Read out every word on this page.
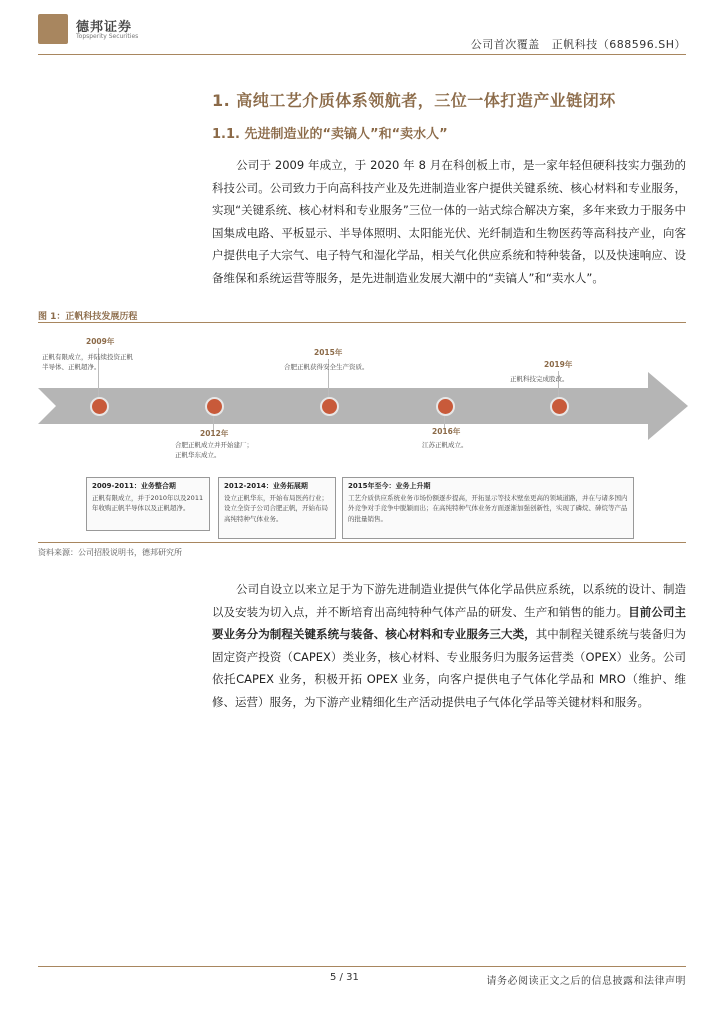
德邦证券
Topsperity Securities
公司首次覆盖   正帆科技（688596.SH）
1. 高纯工艺介质体系领航者，三位一体打造产业链闭环
1.1. 先进制造业的“卖镐人”和“卖水人”

公司于 2009 年成立，于 2020 年 8 月在科创板上市，是一家年轻但硬科技实力强劲的科技公司。公司致力于向高科技产业及先进制造业客户提供关键系统、核心材料和专业服务，实现“关键系统、核心材料和专业服务”三位一体的一站式综合解决方案，多年来致力于服务中国集成电路、平板显示、半导体照明、太阳能光伏、光纤制造和生物医药等高科技产业，向客户提供电子大宗气、电子特气和湿化学品，相关气化供应系统和特种装备，以及快速响应、设备维保和系统运营等服务，是先进制造业发展大潮中的“卖镐人”和“卖水人”。

图 1：正帆科技发展历程
2009年
正帆有限成立，并陆续投资正帆半导体、正帆超净。
2012年
合肥正帆成立并开始建厂；正帆华东成立。
2015年
合肥正帆获得安全生产资质。
2016年
江苏正帆成立。
2019年
正帆科技完成股改。
2009-2011：业务整合期
正帆有限成立，并于2010年以及2011年收购正帆半导体以及正帆超净。
2012-2014：业务拓展期
设立正帆华东，开始布局医药行业；设立全资子公司合肥正帆，开始布局高纯特种气体业务。
2015年至今：业务上升期
工艺介质供应系统业务市场份额逐步提高，开拓显示等技术壁垒更高的领域道路，并在与诸多国内外竞争对手竞争中脱颖而出；在高纯特种气体业务方面逐渐加强创新性，实现了磷烷、砷烷等产品的批量销售。
资料来源：公司招股说明书，德邦研究所

公司自设立以来立足于为下游先进制造业提供气体化学品供应系统，以系统的设计、制造以及安装为切入点，并不断培育出高纯特种气体产品的研发、生产和销售的能力。目前公司主要业务分为制程关键系统与装备、核心材料和专业服务三大类，其中制程关键系统与装备归为固定资产投资（CAPEX）类业务，核心材料、专业服务归为服务运营类（OPEX）业务。公司依托CAPEX 业务，积极开拓 OPEX 业务，向客户提供电子气体化学品和 MRO（维护、维修、运营）服务，为下游产业精细化生产活动提供电子气体化学品等关键材料和服务。

5 / 31	请务必阅读正文之后的信息披露和法律声明
